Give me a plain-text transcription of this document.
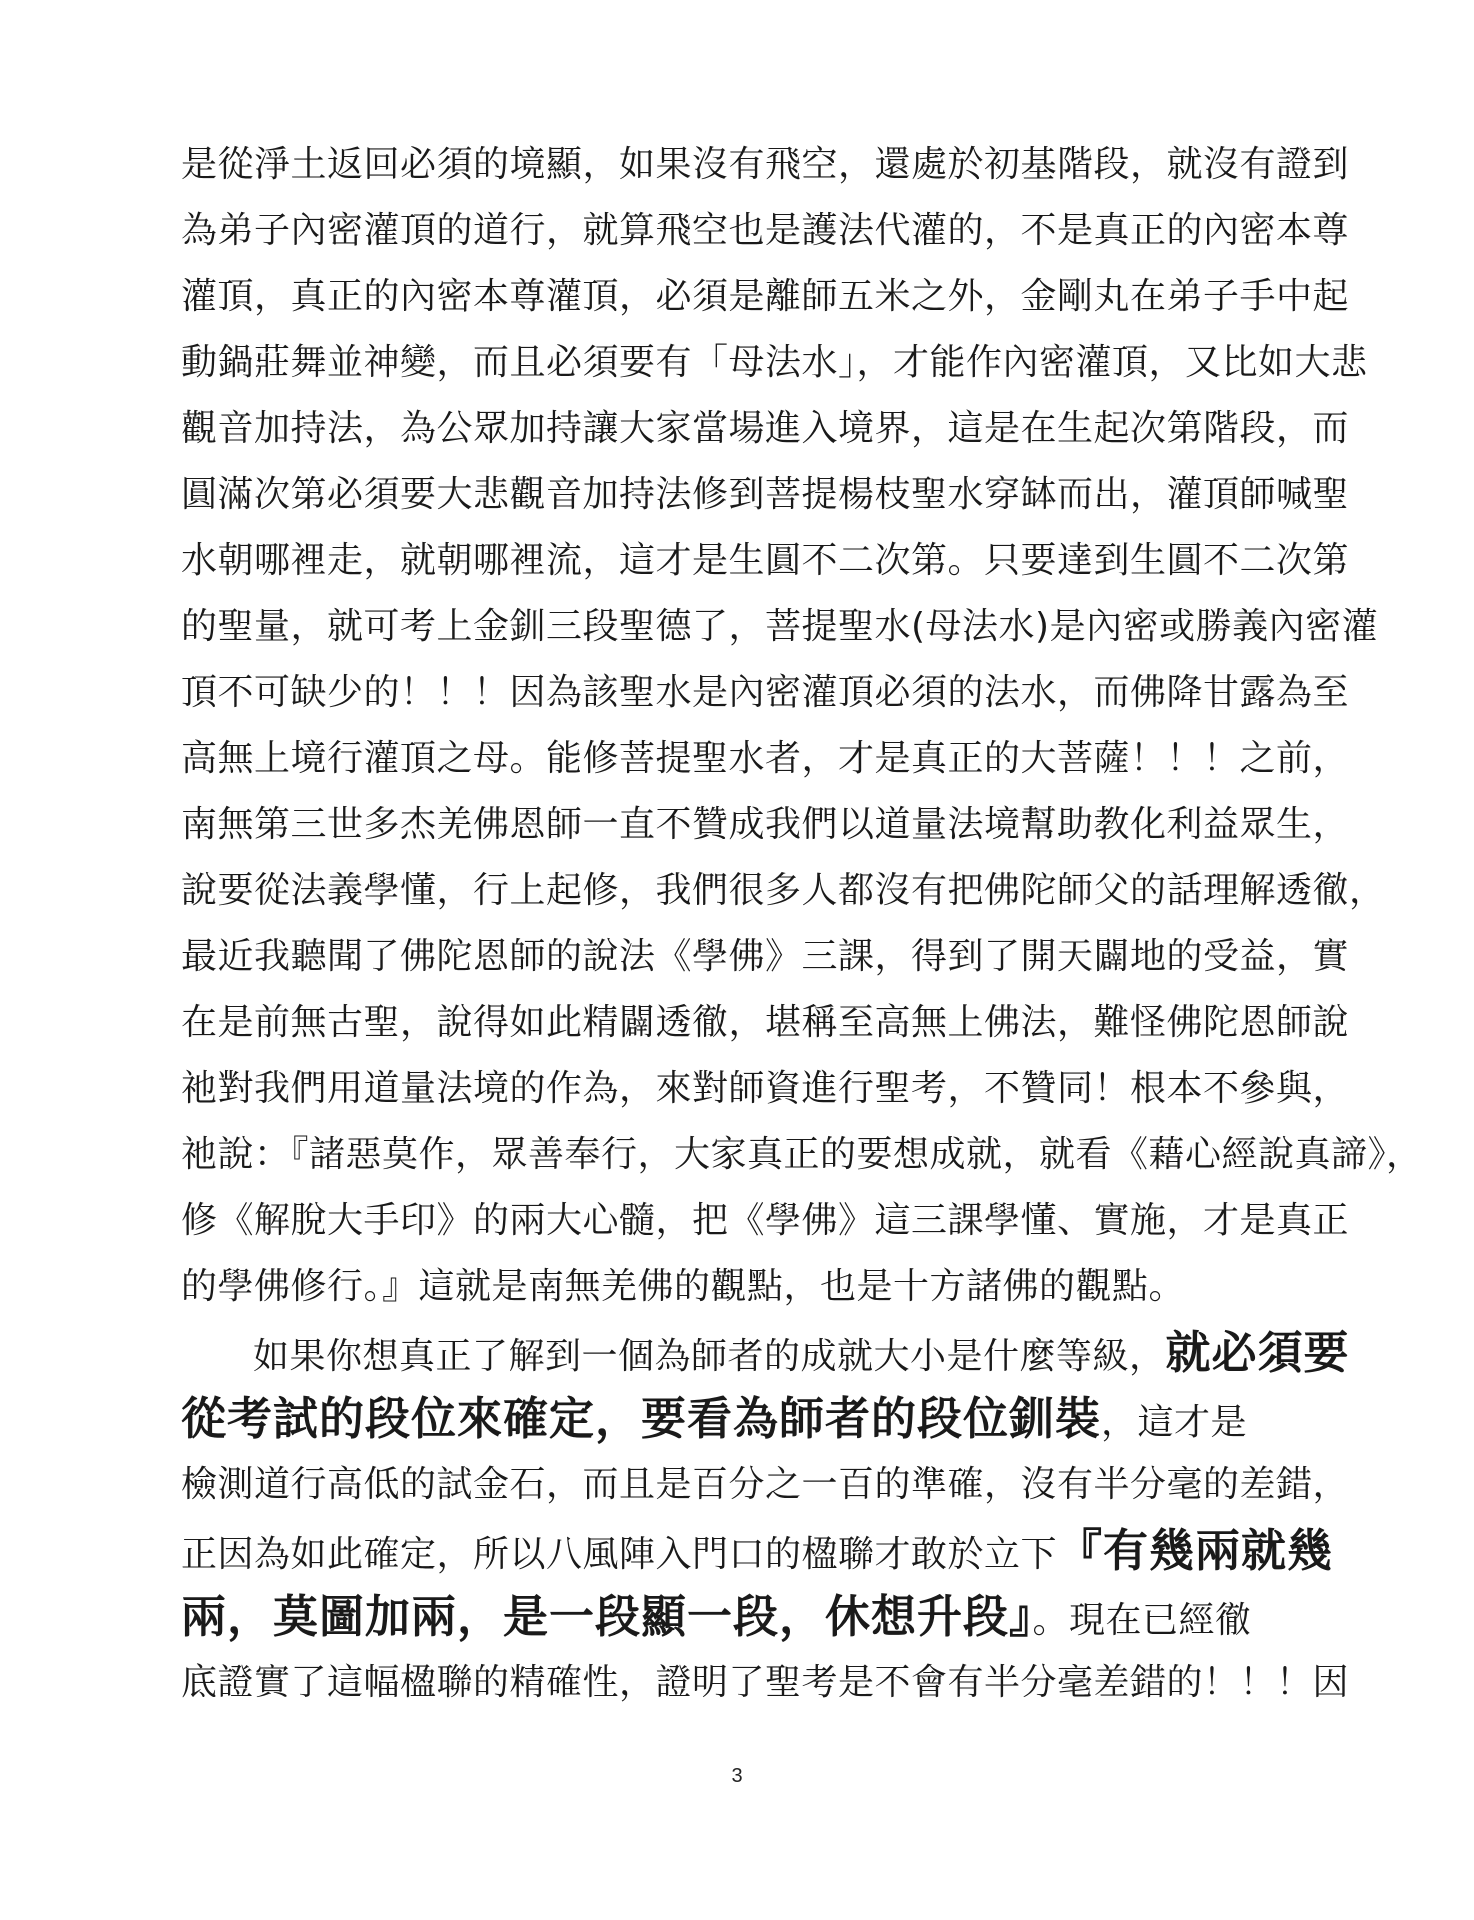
是從淨土返回必須的境顯，如果沒有飛空，還處於初基階段，就沒有證到
為弟子內密灌頂的道行，就算飛空也是護法代灌的，不是真正的內密本尊
灌頂，真正的內密本尊灌頂，必須是離師五米之外，金剛丸在弟子手中起
動鍋莊舞並神變，而且必須要有「母法水」，才能作內密灌頂，又比如大悲
觀音加持法，為公眾加持讓大家當場進入境界，這是在生起次第階段，而
圓滿次第必須要大悲觀音加持法修到菩提楊枝聖水穿缽而出，灌頂師喊聖
水朝哪裡走，就朝哪裡流，這才是生圓不二次第。只要達到生圓不二次第
的聖量，就可考上金釧三段聖德了，菩提聖水(母法水)是內密或勝義內密灌
頂不可缺少的！！！因為該聖水是內密灌頂必須的法水，而佛降甘露為至
高無上境行灌頂之母。能修菩提聖水者，才是真正的大菩薩！！！之前，
南無第三世多杰羌佛恩師一直不贊成我們以道量法境幫助教化利益眾生，
說要從法義學懂，行上起修，我們很多人都沒有把佛陀師父的話理解透徹，
最近我聽聞了佛陀恩師的說法《學佛》三課，得到了開天闢地的受益，實
在是前無古聖，說得如此精闢透徹，堪稱至高無上佛法，難怪佛陀恩師說
祂對我們用道量法境的作為，來對師資進行聖考，不贊同！根本不參與，
祂說：『諸惡莫作，眾善奉行，大家真正的要想成就，就看《藉心經說真諦》，
修《解脫大手印》的兩大心髓，把《學佛》這三課學懂、實施，才是真正
的學佛修行。』這就是南無羌佛的觀點，也是十方諸佛的觀點。
如果你想真正了解到一個為師者的成就大小是什麼等級，就必須要
從考試的段位來確定，要看為師者的段位釧裝，這才是
檢測道行高低的試金石，而且是百分之一百的準確，沒有半分毫的差錯，
正因為如此確定，所以八風陣入門口的楹聯才敢於立下『有幾兩就幾
兩，莫圖加兩，是一段顯一段，休想升段』。現在已經徹
底證實了這幅楹聯的精確性，證明了聖考是不會有半分毫差錯的！！！因
3
